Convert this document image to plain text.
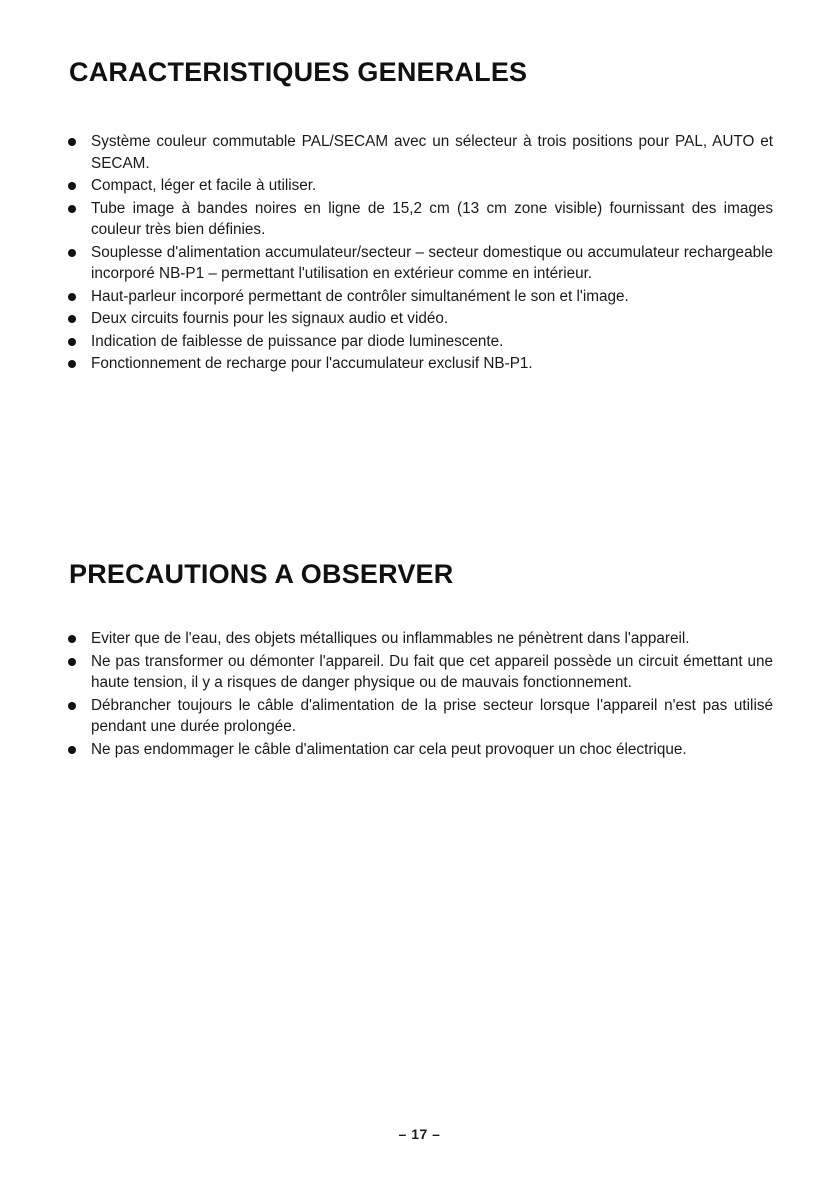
CARACTERISTIQUES GENERALES
Système couleur commutable PAL/SECAM avec un sélecteur à trois positions pour PAL, AUTO et SECAM.
Compact, léger et facile à utiliser.
Tube image à bandes noires en ligne de 15,2 cm (13 cm zone visible) fournissant des images couleur très bien définies.
Souplesse d'alimentation accumulateur/secteur – secteur domestique ou accumulateur rechargeable incorporé NB-P1 – permettant l'utilisation en extérieur comme en intérieur.
Haut-parleur incorporé permettant de contrôler simultanément le son et l'image.
Deux circuits fournis pour les signaux audio et vidéo.
Indication de faiblesse de puissance par diode luminescente.
Fonctionnement de recharge pour l'accumulateur exclusif NB-P1.
PRECAUTIONS A OBSERVER
Eviter que de l'eau, des objets métalliques ou inflammables ne pénètrent dans l'appareil.
Ne pas transformer ou démonter l'appareil. Du fait que cet appareil possède un circuit émettant une haute tension, il y a risques de danger physique ou de mauvais fonctionnement.
Débrancher toujours le câble d'alimentation de la prise secteur lorsque l'appareil n'est pas utilisé pendant une durée prolongée.
Ne pas endommager le câble d'alimentation car cela peut provoquer un choc électrique.
– 17 –
